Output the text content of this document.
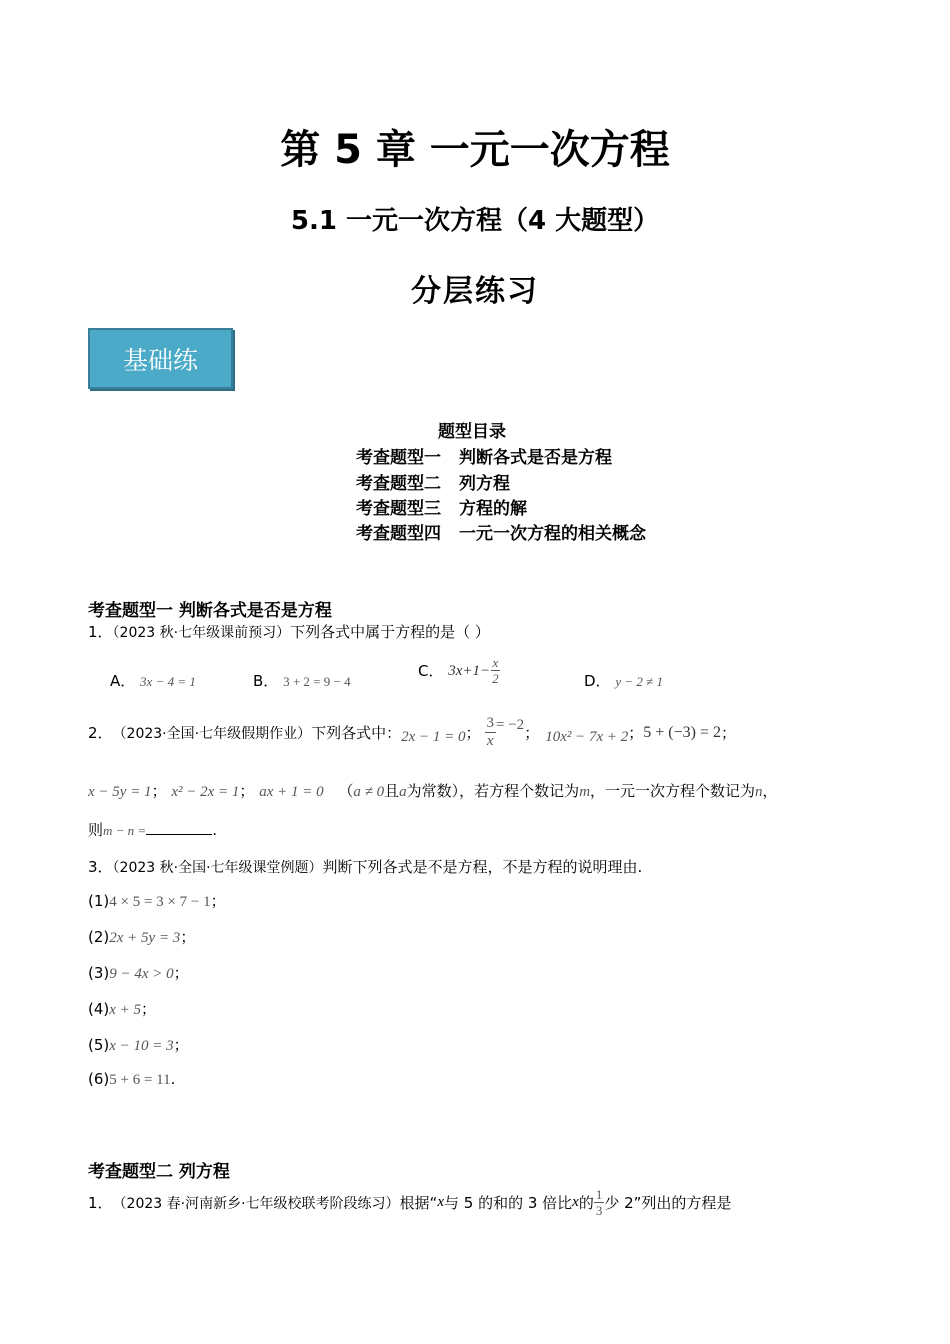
第 5 章 一元一次方程
5.1 一元一次方程（4 大题型）
分层练习
基础练
题型目录
考查题型一 判断各式是否是方程
考查题型二 列方程
考查题型三 方程的解
考查题型四 一元一次方程的相关概念
考查题型一 判断各式是否是方程
1．（2023 秋·七年级课前预习）下列各式中属于方程的是（ ）
A． 3x − 4 = 1	B． 3 + 2 = 9 − 4
C． $3x+1- \frac{x}{2}$	D． y − 2 ≠ 1
2． （2023·全国·七年级假期作业） 下列各式中： 2x − 1 = 0 ； $\frac{3}{x} = -2$ ； 10x² − 7x + 2 ； 5 + (−3) = 2 ；
x − 5y = 1； x² − 2x = 1； ax + 1 = 0 （a ≠ 0且a为常数），若方程个数记为m，一元一次方程个数记为n，
则m − n =	.
3．（2023 秋·全国·七年级课堂例题）判断下列各式是不是方程，不是方程的说明理由.
(1)4 × 5 = 3 × 7 − 1；
(2)2x + 5y = 3；
(3)9 − 4x > 0；
(4)x + 5；
(5)x − 10 = 3；
(6)5 + 6 = 11.
考查题型二 列方程
1． （2023 春·河南新乡·七年级校联考阶段练习） 根据“ x 与 5 的和的 3 倍比 x 的 $\frac{1}{3}$ 少 2”列出的方程是
